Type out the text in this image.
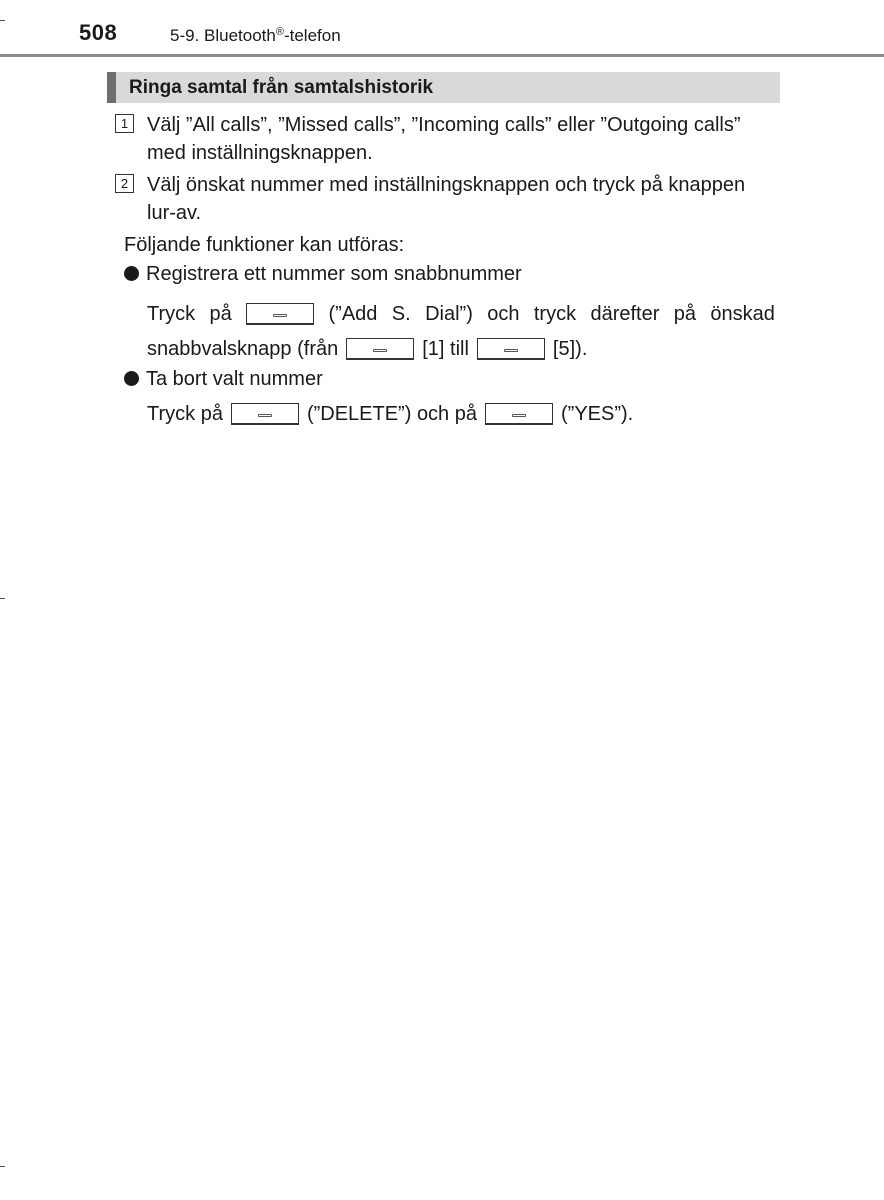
508	5-9. Bluetooth®-telefon
Ringa samtal från samtalshistorik
1 Välj ”All calls”, ”Missed calls”, ”Incoming calls” eller ”Outgoing calls”
med inställningsknappen.
2 Välj önskat nummer med inställningsknappen och tryck på knappen
lur-av.
Följande funktioner kan utföras:
Registrera ett nummer som snabbnummer
Tryck på	(”Add S. Dial”) och tryck därefter på önskad
snabbvalsknapp (från	[1] till	[5]).
Ta bort valt nummer
Tryck på	(”DELETE”) och på	(”YES”).
